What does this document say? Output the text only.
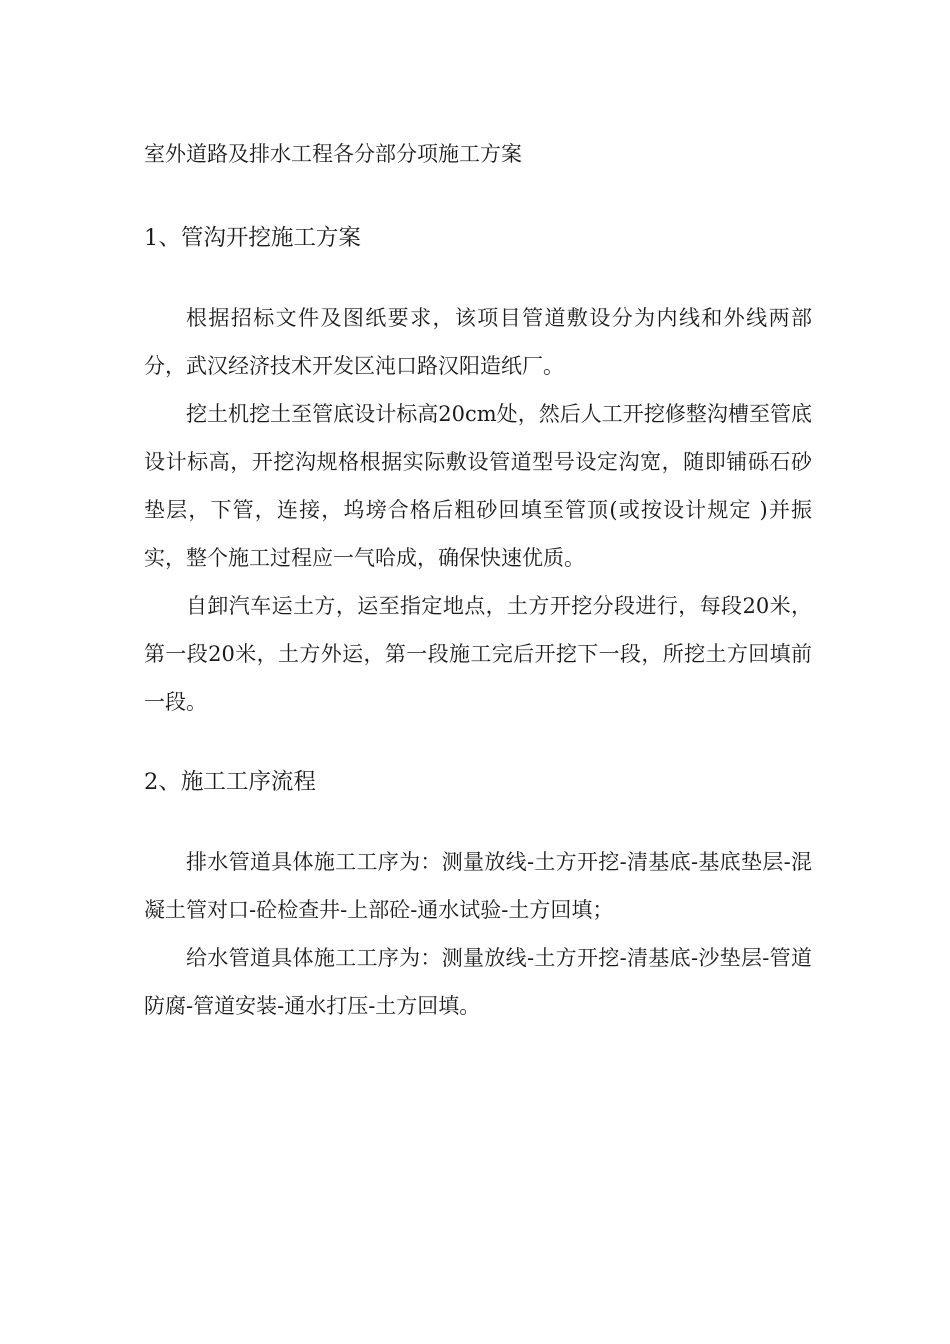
室外道路及排水工程各分部分项施工方案
1、管沟开挖施工方案

根据招标文件及图纸要求，该项目管道敷设分为内线和外线两部分，武汉经济技术开发区沌口路汉阳造纸厂。

挖土机挖土至管底设计标高20cm处，然后人工开挖修整沟槽至管底设计标高，开挖沟规格根据实际敷设管道型号设定沟宽，随即铺砾石砂垫层，下管，连接，坞塝合格后粗砂回填至管顶(或按设计规定 )并振实，整个施工过程应一气哈成，确保快速优质。

自卸汽车运土方，运至指定地点，土方开挖分段进行，每段20米，第一段20米，土方外运，第一段施工完后开挖下一段，所挖土方回填前一段。

2、施工工序流程

排水管道具体施工工序为：测量放线-土方开挖-清基底-基底垫层-混凝土管对口-砼检查井-上部砼-通水试验-土方回填；

给水管道具体施工工序为：测量放线-土方开挖-清基底-沙垫层-管道防腐-管道安装-通水打压-土方回填。
